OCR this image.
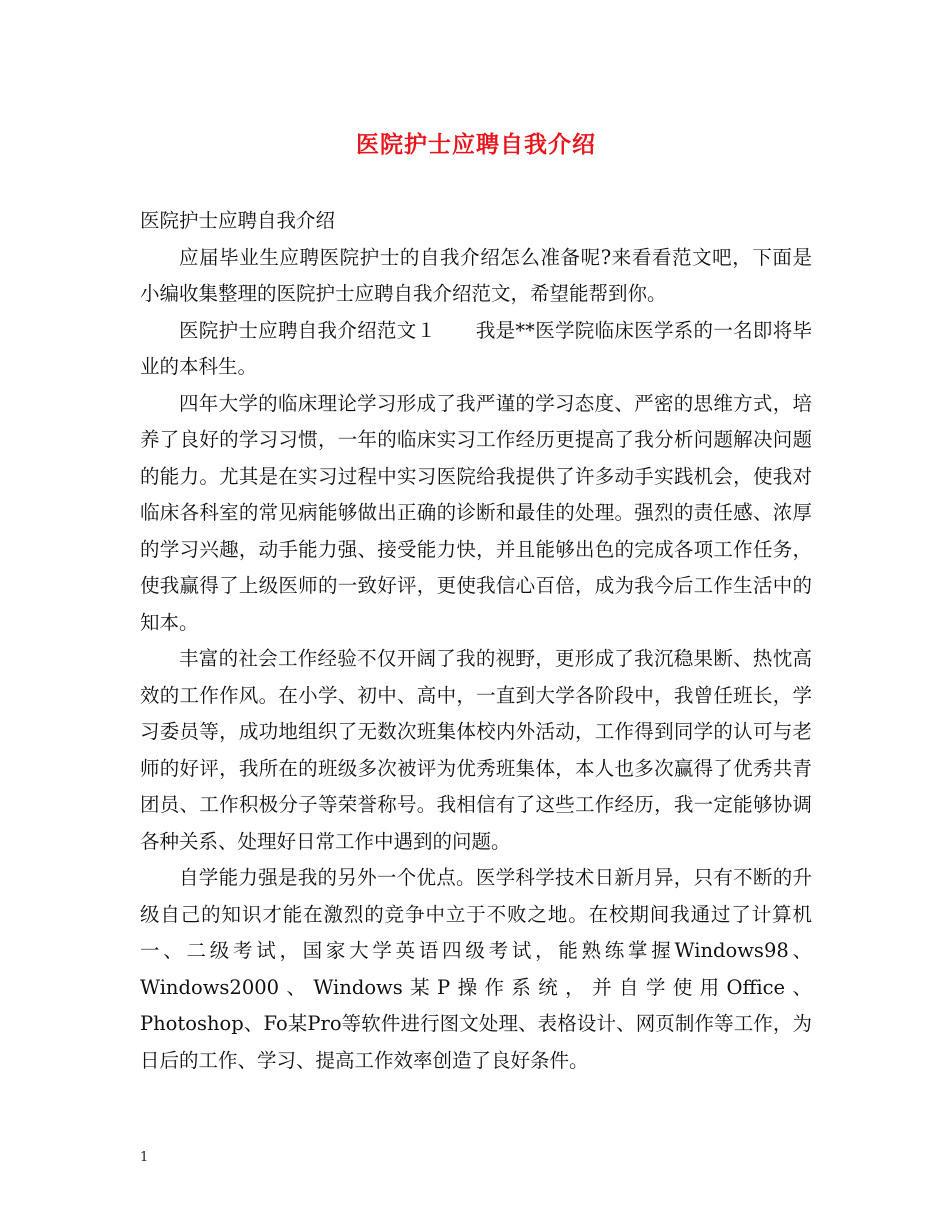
医院护士应聘自我介绍

医院护士应聘自我介绍

应届毕业生应聘医院护士的自我介绍怎么准备呢?来看看范文吧，下面是小编收集整理的医院护士应聘自我介绍范文，希望能帮到你。

医院护士应聘自我介绍范文１　　我是**医学院临床医学系的一名即将毕业的本科生。

四年大学的临床理论学习形成了我严谨的学习态度、严密的思维方式，培养了良好的学习习惯，一年的临床实习工作经历更提高了我分析问题解决问题的能力。尤其是在实习过程中实习医院给我提供了许多动手实践机会，使我对临床各科室的常见病能够做出正确的诊断和最佳的处理。强烈的责任感、浓厚的学习兴趣，动手能力强、接受能力快，并且能够出色的完成各项工作任务，使我赢得了上级医师的一致好评，更使我信心百倍，成为我今后工作生活中的知本。

丰富的社会工作经验不仅开阔了我的视野，更形成了我沉稳果断、热忱高效的工作作风。在小学、初中、高中，一直到大学各阶段中，我曾任班长，学习委员等，成功地组织了无数次班集体校内外活动，工作得到同学的认可与老师的好评，我所在的班级多次被评为优秀班集体，本人也多次赢得了优秀共青团员、工作积极分子等荣誉称号。我相信有了这些工作经历，我一定能够协调各种关系、处理好日常工作中遇到的问题。

自学能力强是我的另外一个优点。医学科学技术日新月异，只有不断的升级自己的知识才能在激烈的竞争中立于不败之地。在校期间我通过了计算机一、二级考试，国家大学英语四级考试，能熟练掌握Windows98、Windows2000、Windows某P操作系统，并自学使用Office、Photoshop、Fo某Pro等软件进行图文处理、表格设计、网页制作等工作，为日后的工作、学习、提高工作效率创造了良好条件。

1
